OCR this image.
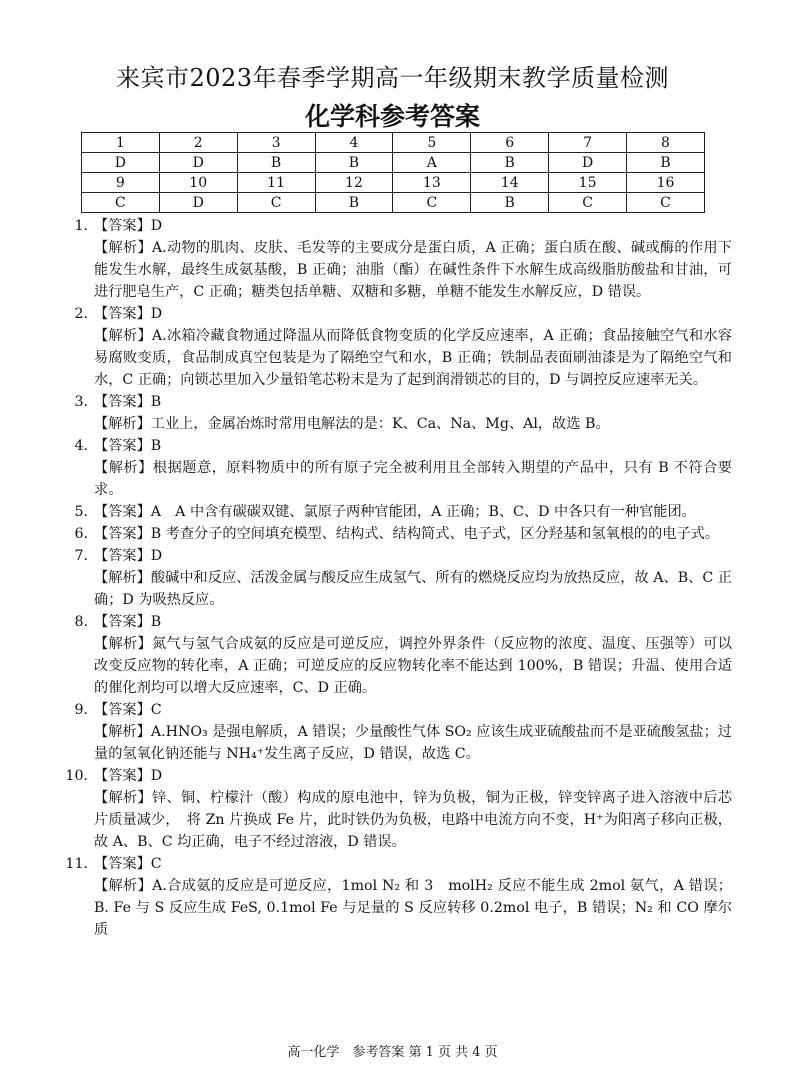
来宾市2023年春季学期高一年级期末教学质量检测
化学科参考答案
1	2	3	4	5	6	7	8
D	D	B	B	A	B	D	B
9	10	11	12	13	14	15	16
C	D	C	B	C	B	C	C
1. 【答案】D
【解析】A.动物的肌肉、皮肤、毛发等的主要成分是蛋白质，A 正确；蛋白质在酸、碱或酶的作用下能发生水解，最终生成氨基酸，B 正确；油脂（酯）在碱性条件下水解生成高级脂肪酸盐和甘油，可进行肥皂生产，C 正确；糖类包括单糖、双糖和多糖，单糖不能发生水解反应，D 错误。
2. 【答案】D
【解析】A.冰箱冷藏食物通过降温从而降低食物变质的化学反应速率，A 正确；食品接触空气和水容易腐败变质，食品制成真空包装是为了隔绝空气和水，B 正确；铁制品表面刷油漆是为了隔绝空气和水，C 正确；向锁芯里加入少量铅笔芯粉末是为了起到润滑锁芯的目的，D 与调控反应速率无关。
3. 【答案】B
【解析】工业上，金属冶炼时常用电解法的是：K、Ca、Na、Mg、Al，故选 B。
4. 【答案】B
【解析】根据题意，原料物质中的所有原子完全被利用且全部转入期望的产品中，只有 B 不符合要求。
5. 【答案】A　A 中含有碳碳双键、氯原子两种官能团，A 正确；B、C、D 中各只有一种官能团。
6. 【答案】B 考查分子的空间填充模型、结构式、结构简式、电子式，区分羟基和氢氧根的的电子式。
7. 【答案】D
【解析】酸碱中和反应、活泼金属与酸反应生成氢气、所有的燃烧反应均为放热反应，故 A、B、C 正确；D 为吸热反应。
8. 【答案】B
【解析】氮气与氢气合成氨的反应是可逆反应，调控外界条件（反应物的浓度、温度、压强等）可以改变反应物的转化率，A 正确；可逆反应的反应物转化率不能达到 100%，B 错误；升温、使用合适的催化剂均可以增大反应速率，C、D 正确。
9. 【答案】C
【解析】A.HNO₃ 是强电解质，A 错误；少量酸性气体 SO₂ 应该生成亚硫酸盐而不是亚硫酸氢盐；过量的氢氧化钠还能与 NH₄⁺发生离子反应，D 错误，故选 C。
10. 【答案】D
【解析】锌、铜、柠檬汁（酸）构成的原电池中，锌为负极，铜为正极，锌变锌离子进入溶液中后芯片质量减少，　将 Zn 片换成 Fe 片，此时铁仍为负极，电路中电流方向不变，H⁺为阳离子移向正极，故 A、B、C 均正确，电子不经过溶液，D 错误。
11. 【答案】C
【解析】A.合成氨的反应是可逆反应，1mol N₂ 和 3　molH₂ 反应不能生成 2mol 氨气，A 错误；B. Fe 与 S 反应生成 FeS, 0.1mol Fe 与足量的 S 反应转移 0.2mol 电子，B 错误；N₂ 和 CO 摩尔质
高一化学　参考答案 第 1 页 共 4 页
